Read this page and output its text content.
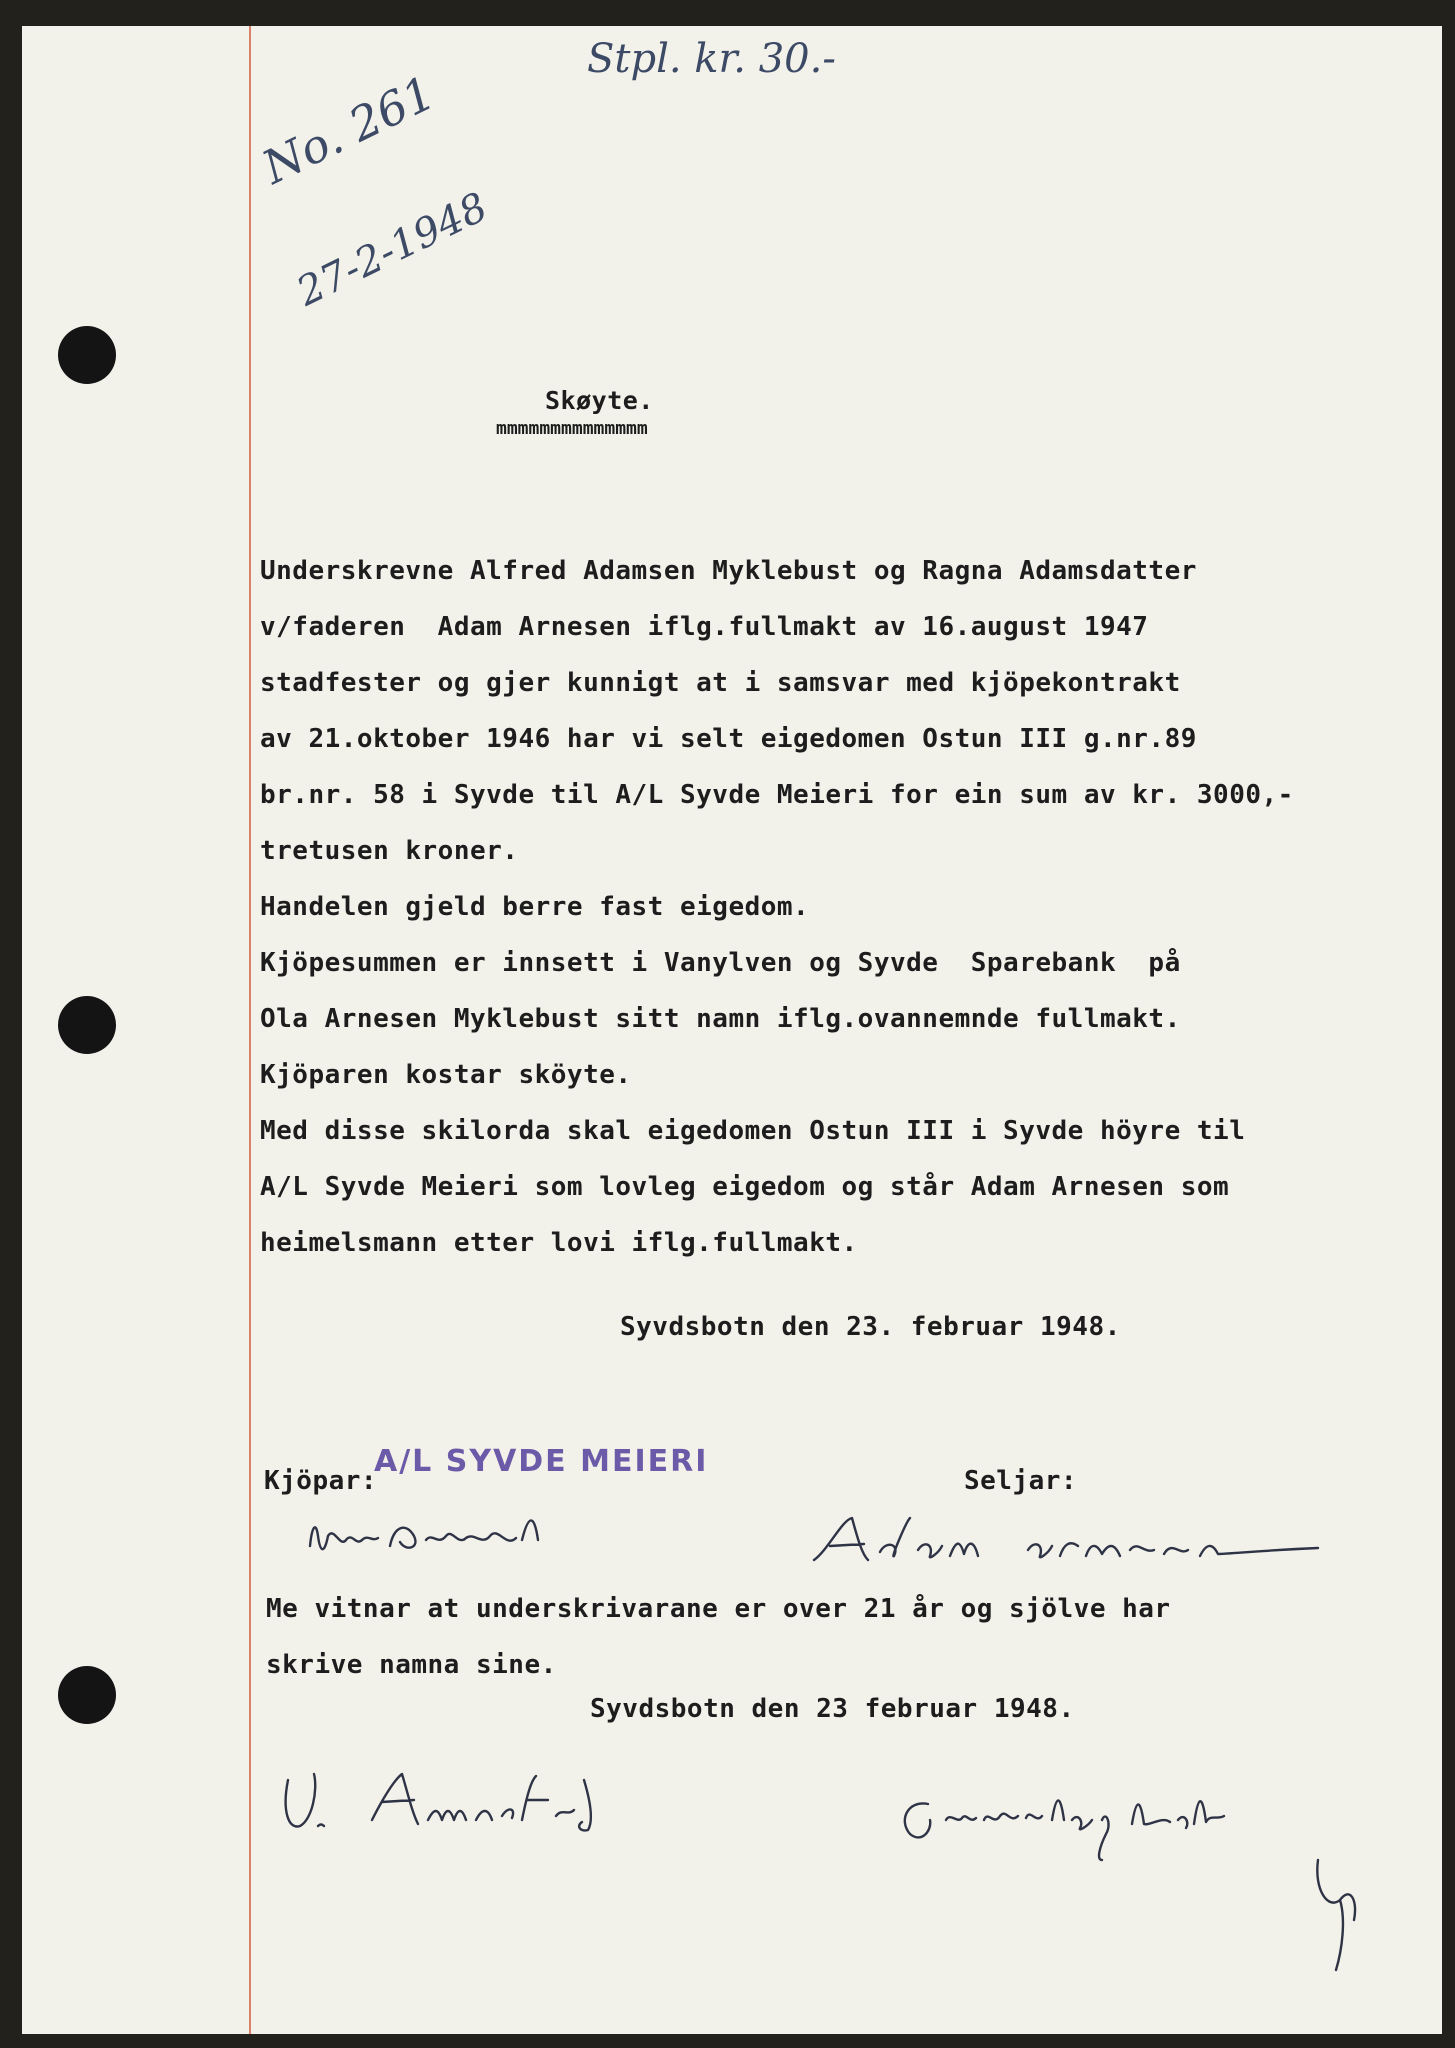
Stpl. kr. 30.-
No. 261
27-2-1948
Skøyte.
mmmmmmmmmmmmmm
Underskrevne Alfred Adamsen Myklebust og Ragna Adamsdatter
v/faderen  Adam Arnesen iflg.fullmakt av 16.august 1947
stadfester og gjer kunnigt at i samsvar med kjöpekontrakt
av 21.oktober 1946 har vi selt eigedomen Ostun III g.nr.89
br.nr. 58 i Syvde til A/L Syvde Meieri for ein sum av kr. 3000,-
tretusen kroner.
Handelen gjeld berre fast eigedom.
Kjöpesummen er innsett i Vanylven og Syvde  Sparebank  på
Ola Arnesen Myklebust sitt namn iflg.ovannemnde fullmakt.
Kjöparen kostar sköyte.
Med disse skilorda skal eigedomen Ostun III i Syvde höyre til
A/L Syvde Meieri som lovleg eigedom og står Adam Arnesen som
heimelsmann etter lovi iflg.fullmakt.
Syvdsbotn den 23. februar 1948.
Kjöpar:
A/L SYVDE MEIERI
Seljar:
Me vitnar at underskrivarane er over 21 år og sjölve har
skrive namna sine.
Syvdsbotn den 23 februar 1948.
